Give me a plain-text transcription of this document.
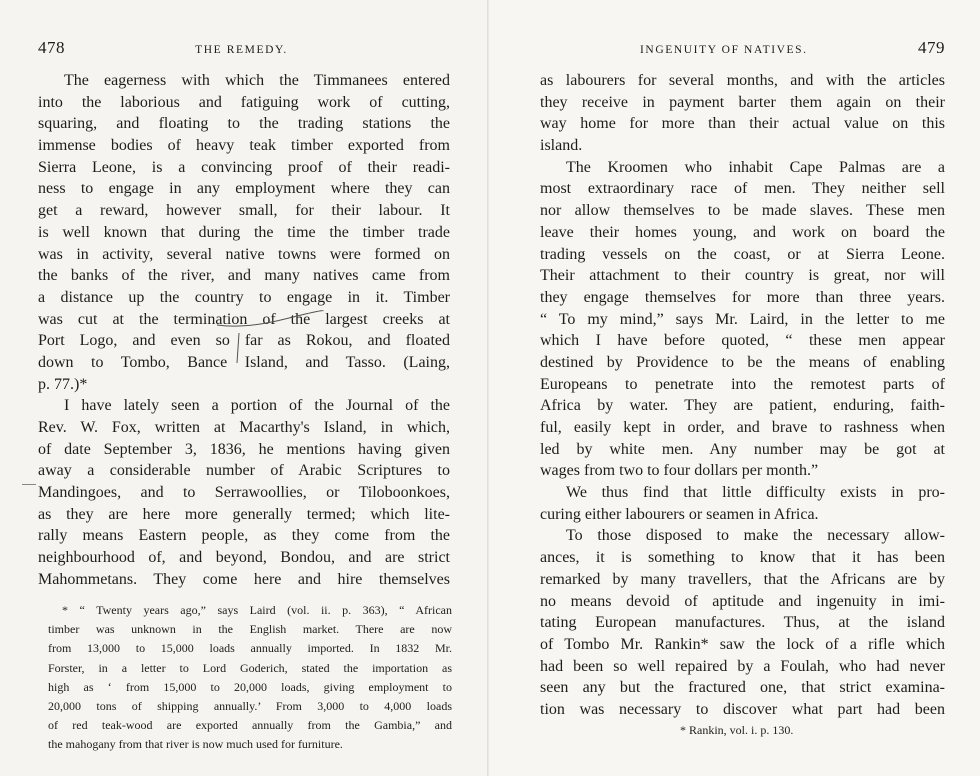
478	THE REMEDY.
The eagerness with which the Timmanees entered
into the laborious and fatiguing work of cutting,
squaring, and floating to the trading stations the
immense bodies of heavy teak timber exported from
Sierra Leone, is a convincing proof of their readi-
ness to engage in any employment where they can
get a reward, however small, for their labour. It
is well known that during the time the timber trade
was in activity, several native towns were formed on
the banks of the river, and many natives came from
a distance up the country to engage in it. Timber
was cut at the termination of the largest creeks at
Port Logo, and even so far as Rokou, and floated
down to Tombo, Bance Island, and Tasso. (Laing,
p. 77.)*
I have lately seen a portion of the Journal of the
Rev. W. Fox, written at Macarthy's Island, in which,
of date September 3, 1836, he mentions having given
away a considerable number of Arabic Scriptures to
Mandingoes, and to Serrawoollies, or Tiloboonkoes,
as they are here more generally termed; which lite-
rally means Eastern people, as they come from the
neighbourhood of, and beyond, Bondou, and are strict
Mahommetans. They come here and hire themselves
* “ Twenty years ago,” says Laird (vol. ii. p. 363), “ African
timber was unknown in the English market. There are now
from 13,000 to 15,000 loads annually imported. In 1832 Mr.
Forster, in a letter to Lord Goderich, stated the importation as
high as ‘ from 15,000 to 20,000 loads, giving employment to
20,000 tons of shipping annually.’ From 3,000 to 4,000 loads
of red teak-wood are exported annually from the Gambia,” and
the mahogany from that river is now much used for furniture.
INGENUITY OF NATIVES.	479
as labourers for several months, and with the articles
they receive in payment barter them again on their
way home for more than their actual value on this
island.
The Kroomen who inhabit Cape Palmas are a
most extraordinary race of men. They neither sell
nor allow themselves to be made slaves. These men
leave their homes young, and work on board the
trading vessels on the coast, or at Sierra Leone.
Their attachment to their country is great, nor will
they engage themselves for more than three years.
“ To my mind,” says Mr. Laird, in the letter to me
which I have before quoted, “ these men appear
destined by Providence to be the means of enabling
Europeans to penetrate into the remotest parts of
Africa by water. They are patient, enduring, faith-
ful, easily kept in order, and brave to rashness when
led by white men. Any number may be got at
wages from two to four dollars per month.”
We thus find that little difficulty exists in pro-
curing either labourers or seamen in Africa.
To those disposed to make the necessary allow-
ances, it is something to know that it has been
remarked by many travellers, that the Africans are by
no means devoid of aptitude and ingenuity in imi-
tating European manufactures. Thus, at the island
of Tombo Mr. Rankin* saw the lock of a rifle which
had been so well repaired by a Foulah, who had never
seen any but the fractured one, that strict examina-
tion was necessary to discover what part had been
* Rankin, vol. i. p. 130.
